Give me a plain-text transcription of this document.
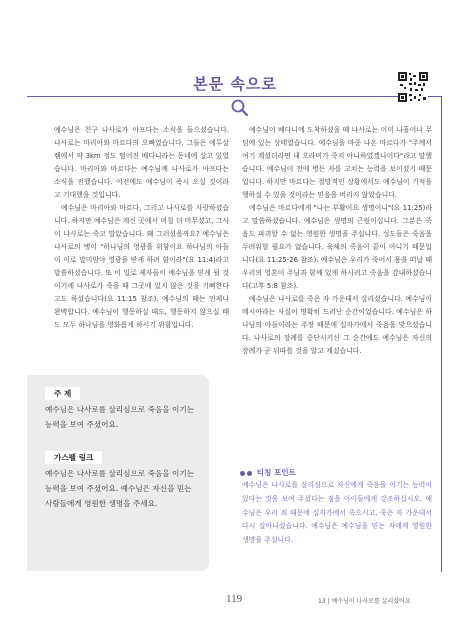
본문 속으로

예수님은 친구 나사로가 아프다는 소식을 들으셨습니다. 나사로는 마리아와 마르다의 오빠였습니다. 그들은 예루살렘에서 약 3km 정도 떨어진 베다니라는 동네에 살고 있었습니다. 마리아와 마르다는 예수님께 나사로가 아프다는 소식을 전했습니다. 이전에도 예수님이 즉시 오실 것이라고 기대했을 것입니다.

예수님은 마리아와 마르다, 그리고 나사로를 사랑하셨습니다. 하지만 예수님은 계신 곳에서 며칠 더 머무셨고, 그사이 나사로는 죽고 말았습니다. 왜 그러셨을까요? 예수님은 나사로의 병이 "하나님의 영광을 위함이요 하나님의 아들이 이로 말미암아 영광을 받게 하려 함이라"(요 11:4)라고 말씀하셨습니다. 또 이 일로 제자들이 예수님을 믿게 될 것이기에 나사로가 죽을 때 그곳에 있지 않은 것을 기뻐한다고도 하셨습니다(요 11:15 참조). 예수님의 때는 언제나 완벽합니다. 예수님이 행동하실 때도, 행동하지 않으실 때도 모두 하나님을 영화롭게 하시기 위함입니다.

예수님이 베다니에 도착하셨을 때 나사로는 이미 나흘이나 무덤에 있는 상태였습니다. 예수님을 마중 나온 마르다가 "주께서 여기 계셨더라면 내 오라비가 죽지 아니하였겠나이다"라고 말했습니다. 예수님이 전에 병든 자를 고치는 능력을 보이셨기 때문입니다. 하지만 마르다는 절망적인 상황에서도 예수님이 기적을 행하실 수 있을 것이라는 믿음을 버리지 않았습니다.

예수님은 마르다에게 "나는 부활이요 생명이니"(요 11:25)라고 말씀하셨습니다. 예수님은 생명의 근원이십니다. 그분은 죽음도 파괴할 수 없는 영원한 생명을 주십니다. 성도들은 죽음을 두려워할 필요가 없습니다. 육체의 죽음이 끝이 아니기 때문입니다(요 11:25-26 참조). 예수님은 우리가 죽어서 몸을 떠날 때 우리의 영혼이 주님과 함께 있게 하시려고 죽음을 감내하셨습니다(고후 5:8 참조).

예수님은 나사로를 죽은 자 가운데서 살리셨습니다. 예수님이 메시아라는 사실이 명확히 드러난 순간이었습니다. 예수님은 하나님의 아들이라는 주장 때문에 십자가에서 죽음을 맞으셨습니다. 나사로의 장례를 중단시키신 그 순간에도 예수님은 자신의 장례가 곧 뒤따를 것을 알고 계셨습니다.

주 제
예수님은 나사로를 살리심으로 죽음을 이기는 능력을 보여 주셨어요.
가스펠 링크
예수님은 나사로를 살리심으로 죽음을 이기는 능력을 보여 주셨어요. 예수님은 자신을 믿는 사람들에게 영원한 생명을 주세요.
티칭 포인트
예수님은 나사로를 살리심으로 자신에게 죽음을 이기는 능력이 있다는 것을 보여 주셨다는 점을 아이들에게 강조하십시오. 예수님은 우리 죄 때문에 십자가에서 죽으시고, 죽은 자 가운데서 다시 살아나셨습니다. 예수님은 예수님을 믿는 자에게 영원한 생명을 주십니다.
119	13 | 예수님이 나사로를 살리셨어요
